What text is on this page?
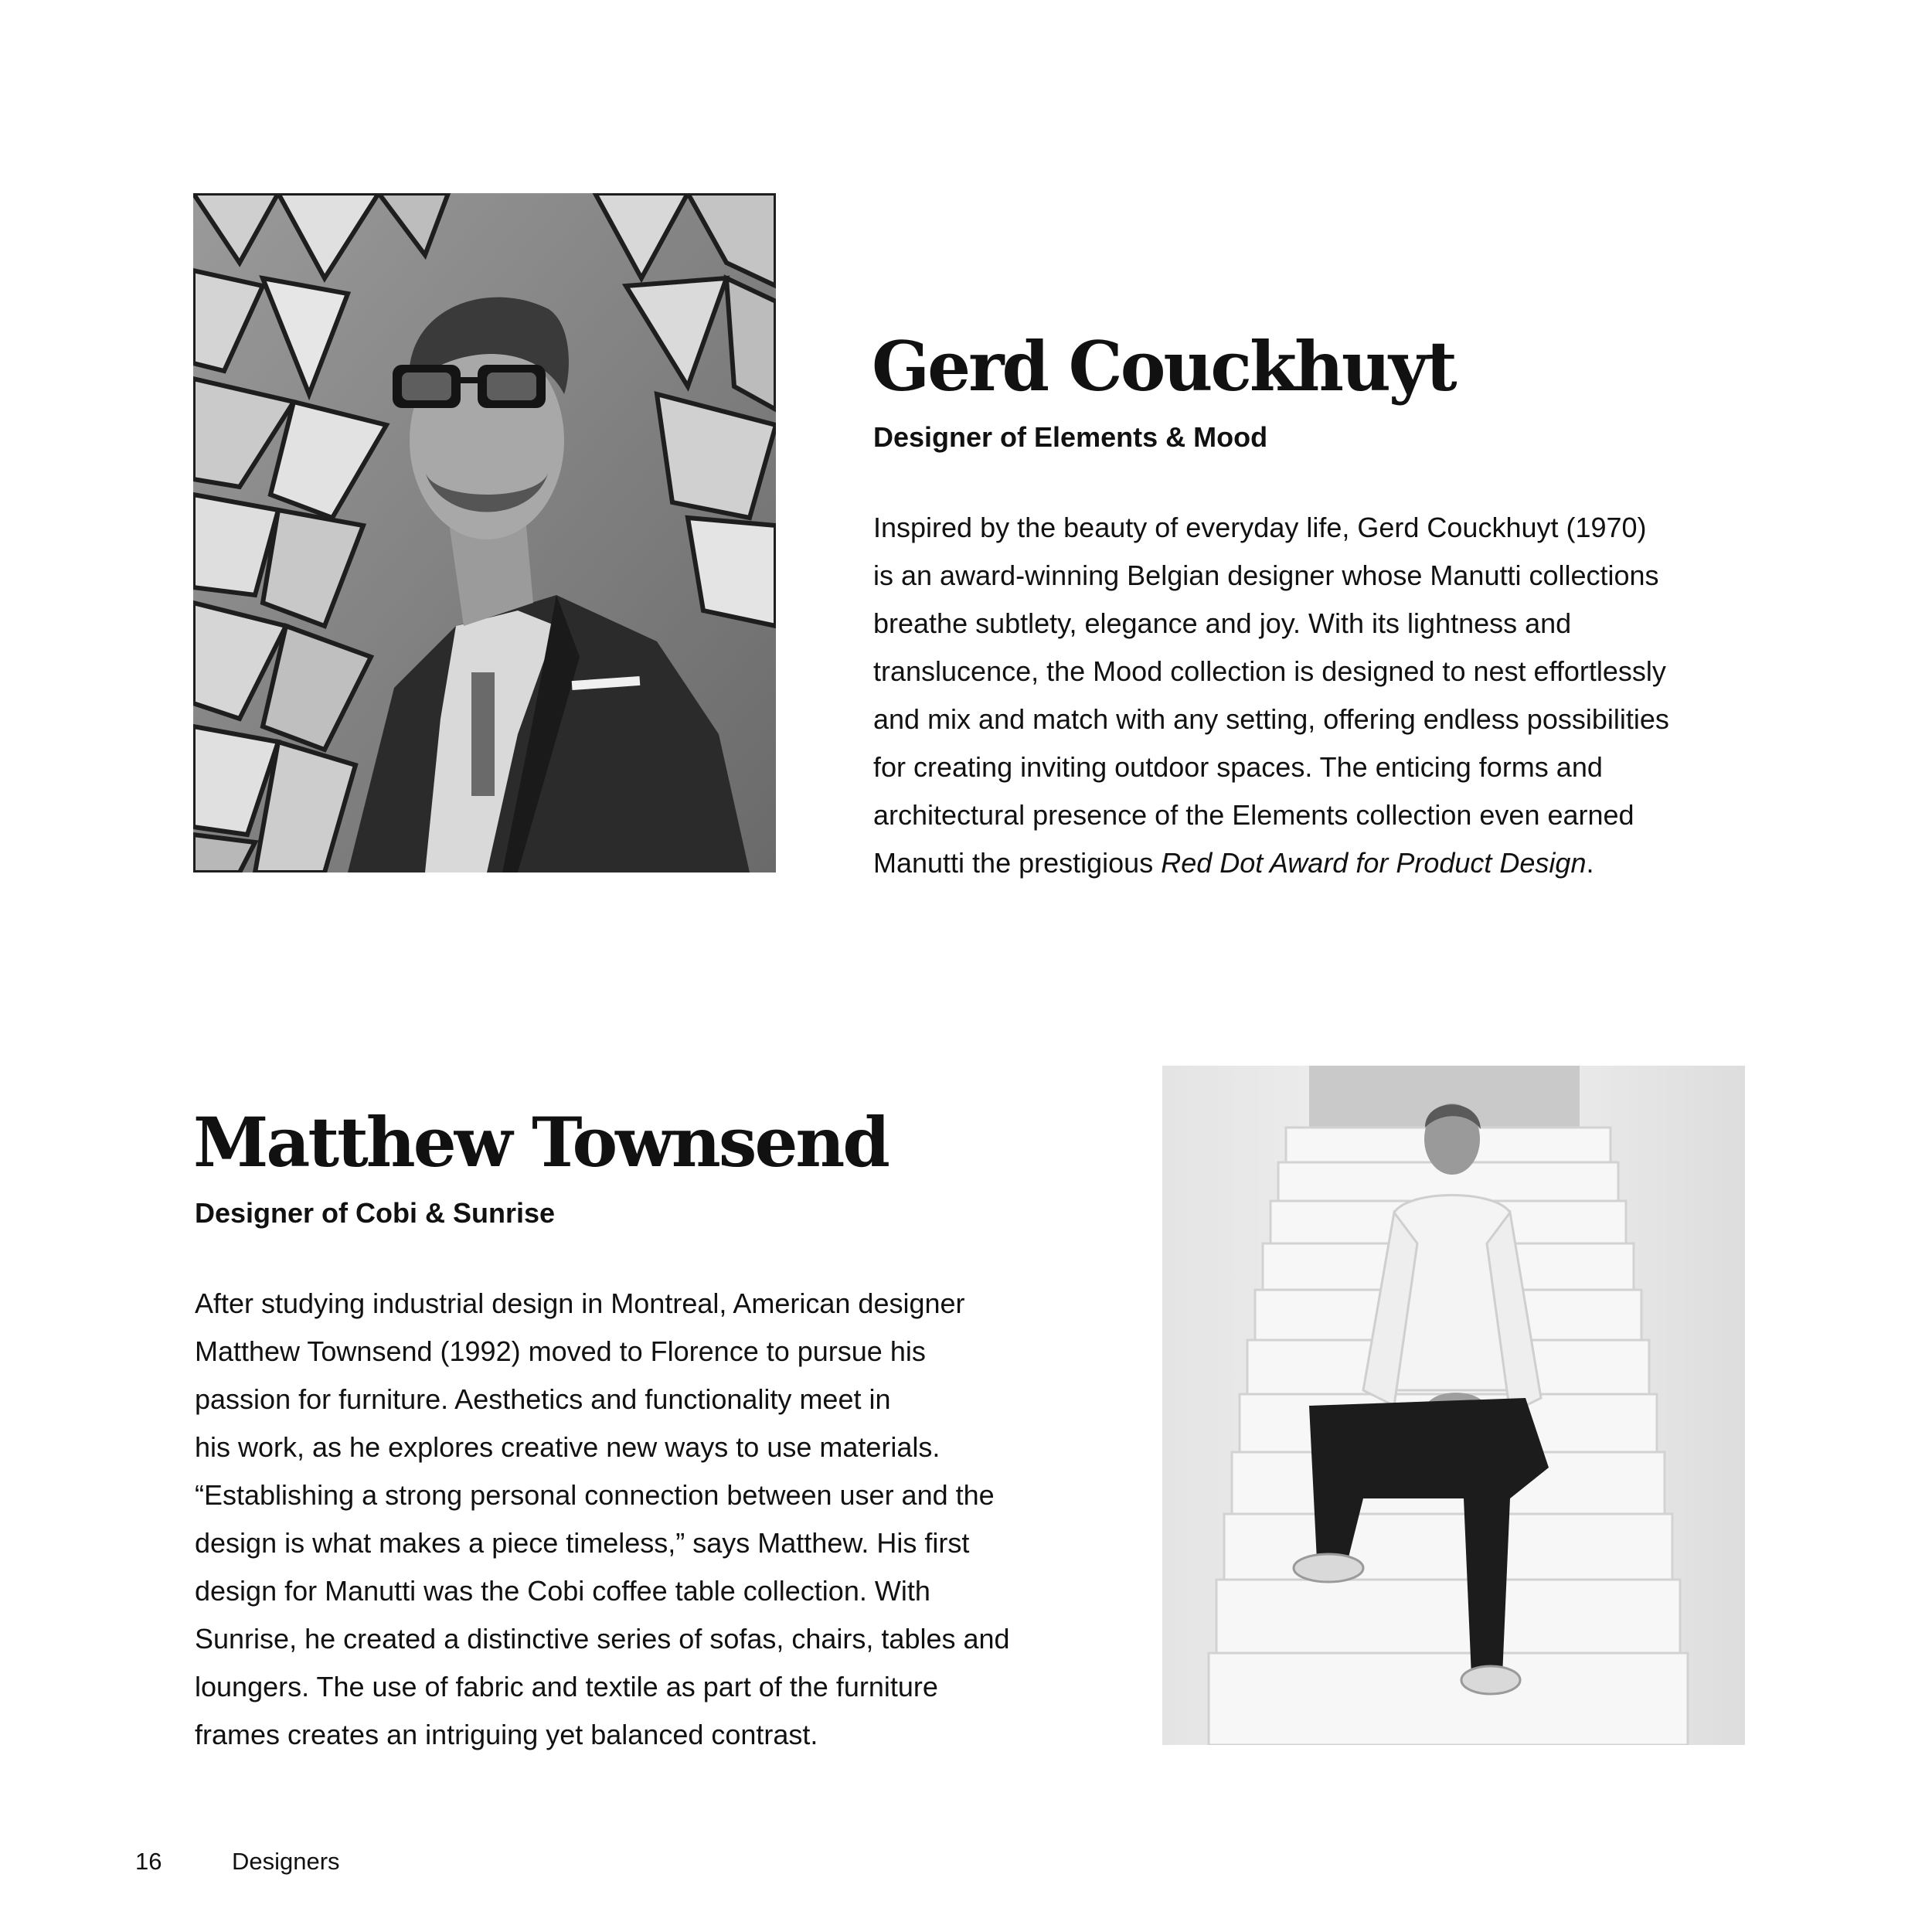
Gerd Couckhuyt
Designer of Elements & Mood
Inspired by the beauty of everyday life, Gerd Couckhuyt (1970)
is an award-winning Belgian designer whose Manutti collections
breathe subtlety, elegance and joy. With its lightness and
translucence, the Mood collection is designed to nest effortlessly
and mix and match with any setting, offering endless possibilities
for creating inviting outdoor spaces. The enticing forms and
architectural presence of the Elements collection even earned
Manutti the prestigious Red Dot Award for Product Design.
Matthew Townsend
Designer of Cobi & Sunrise
After studying industrial design in Montreal, American designer
Matthew Townsend (1992) moved to Florence to pursue his
passion for furniture. Aesthetics and functionality meet in
his work, as he explores creative new ways to use materials.
“Establishing a strong personal connection between user and the
design is what makes a piece timeless,” says Matthew. His first
design for Manutti was the Cobi coffee table collection. With
Sunrise, he created a distinctive series of sofas, chairs, tables and
loungers. The use of fabric and textile as part of the furniture
frames creates an intriguing yet balanced contrast.
16	Designers
